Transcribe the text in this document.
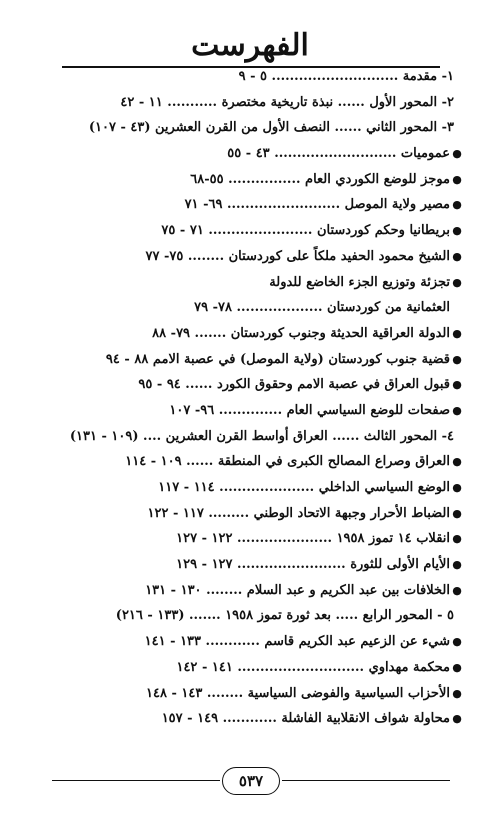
الفهرست
١- مقدمة ............................ ٥ - ٩
٢- المحور الأول ...... نبذة تاريخية مختصرة ........... ١١ - ٤٢
٣- المحور الثاني ...... النصف الأول من القرن العشرين (٤٣ - ١٠٧)
●
عموميات ........................... ٤٣ - ٥٥
●
موجز للوضع الكوردي العام ................ ٥٥-٦٨
●
مصير ولاية الموصل ......................... ٦٩- ٧١
●
بريطانيا وحكم كوردستان ....................... ٧١ - ٧٥
●
الشيخ محمود الحفيد ملكاً على كوردستان ........ ٧٥- ٧٧
●
تجزئة وتوزيع الجزء الخاضع للدولة
العثمانية من كوردستان ................... ٧٨- ٧٩
●
الدولة العراقية الحديثة وجنوب كوردستان ....... ٧٩- ٨٨
●
قضية جنوب كوردستان (ولاية الموصل) في عصبة الامم ٨٨ - ٩٤
●
قبول العراق في عصبة الامم وحقوق الكورد ...... ٩٤ - ٩٥
●
صفحات للوضع السياسي العام .............. ٩٦- ١٠٧
٤- المحور الثالث ...... العراق أواسط القرن العشرين .... (١٠٩ - ١٣١)
●
العراق وصراع المصالح الكبرى في المنطقة ...... ١٠٩ - ١١٤
●
الوضع السياسي الداخلي ..................... ١١٤ - ١١٧
●
الضباط الأحرار وجبهة الاتحاد الوطني ......... ١١٧ - ١٢٢
●
انقلاب ١٤ تموز ١٩٥٨ ..................... ١٢٢ - ١٢٧
●
الأيام الأولى للثورة ........................ ١٢٧ - ١٢٩
●
الخلافات بين عبد الكريم و عبد السلام ........ ١٣٠ - ١٣١
٥ - المحور الرابع ..... بعد ثورة تموز ١٩٥٨ ....... (١٣٣ - ٢١٦)
●
شيء عن الزعيم عبد الكريم قاسم ............ ١٣٣ - ١٤١
●
محكمة مهداوي ............................ ١٤١ - ١٤٢
●
الأحزاب السياسية والفوضى السياسية ........ ١٤٣ - ١٤٨
●
محاولة شواف الانقلابية الفاشلة ............ ١٤٩ - ١٥٧
٥٣٧
